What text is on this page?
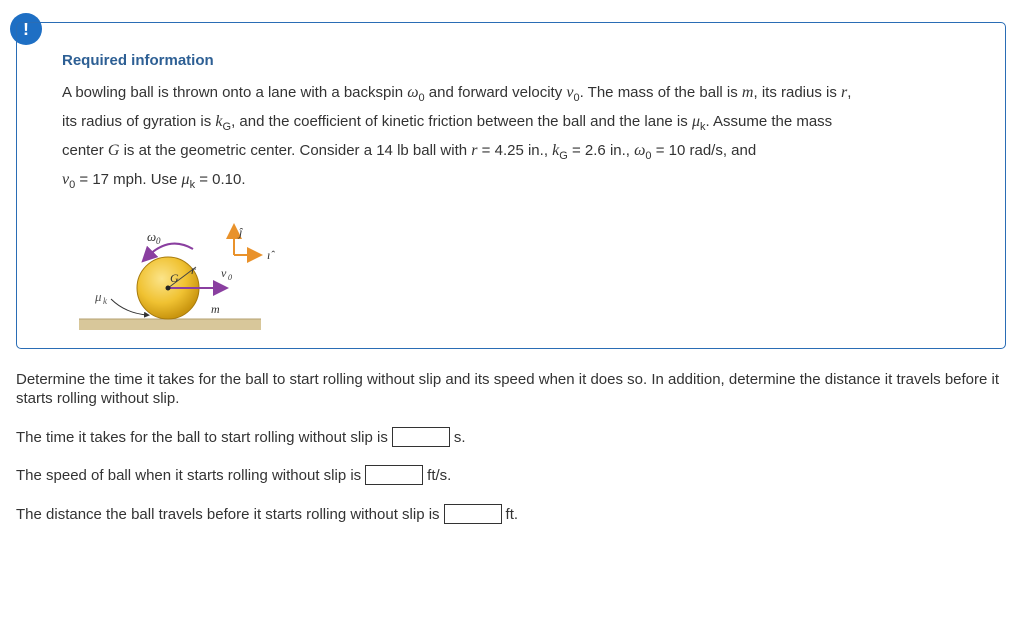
!
Required information
A bowling ball is thrown onto a lane with a backspin $\omega_0$ and forward velocity $v_0$. The mass of the ball is m, its radius is r,
its radius of gyration is $k_G$, and the coefficient of kinetic friction between the ball and the lane is $\mu_k$. Assume the mass
center G is at the geometric center. Consider a 14 lb ball with r = 4.25 in., $k_G = 2.6$ in., $\omega_0 = 10$ rad/s, and
$v_0 = 17$ mph. Use $\mu_k = 0.10$.
ω 0
ĵ
ı̂
G
r v 0
m
μ k
Determine the time it takes for the ball to start rolling without slip and its speed when it does so. In addition, determine the distance it travels before it starts rolling without slip.
The time it takes for the ball to start rolling without slip is	s.
The speed of ball when it starts rolling without slip is	ft/s.
The distance the ball travels before it starts rolling without slip is	ft.
